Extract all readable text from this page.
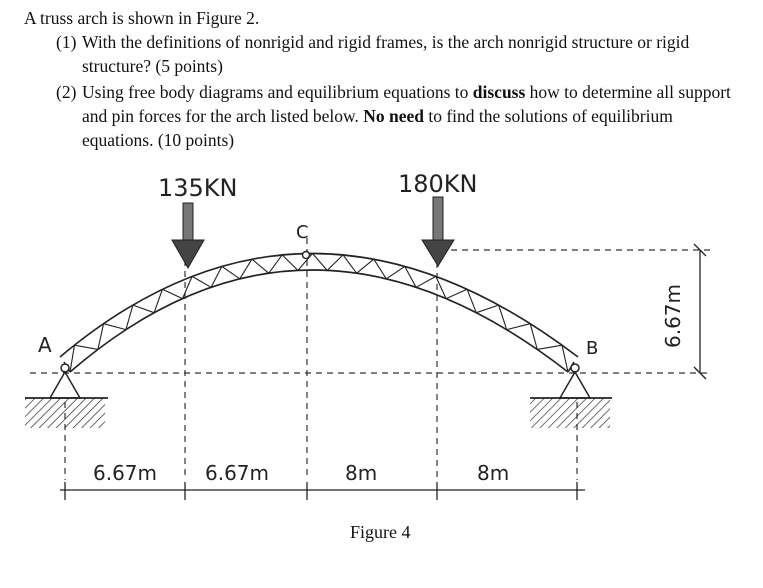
A truss arch is shown in Figure 2.
(1) With the definitions of nonrigid and rigid frames, is the arch nonrigid structure or rigid structure? (5 points)
(2) Using free body diagrams and equilibrium equations to discuss how to determine all support and pin forces for the arch listed below. No need to find the solutions of equilibrium equations. (10 points)
135KN	180KN
A
C
B
6.67m
6.67m 6.67m	8m	8m
Figure 4
